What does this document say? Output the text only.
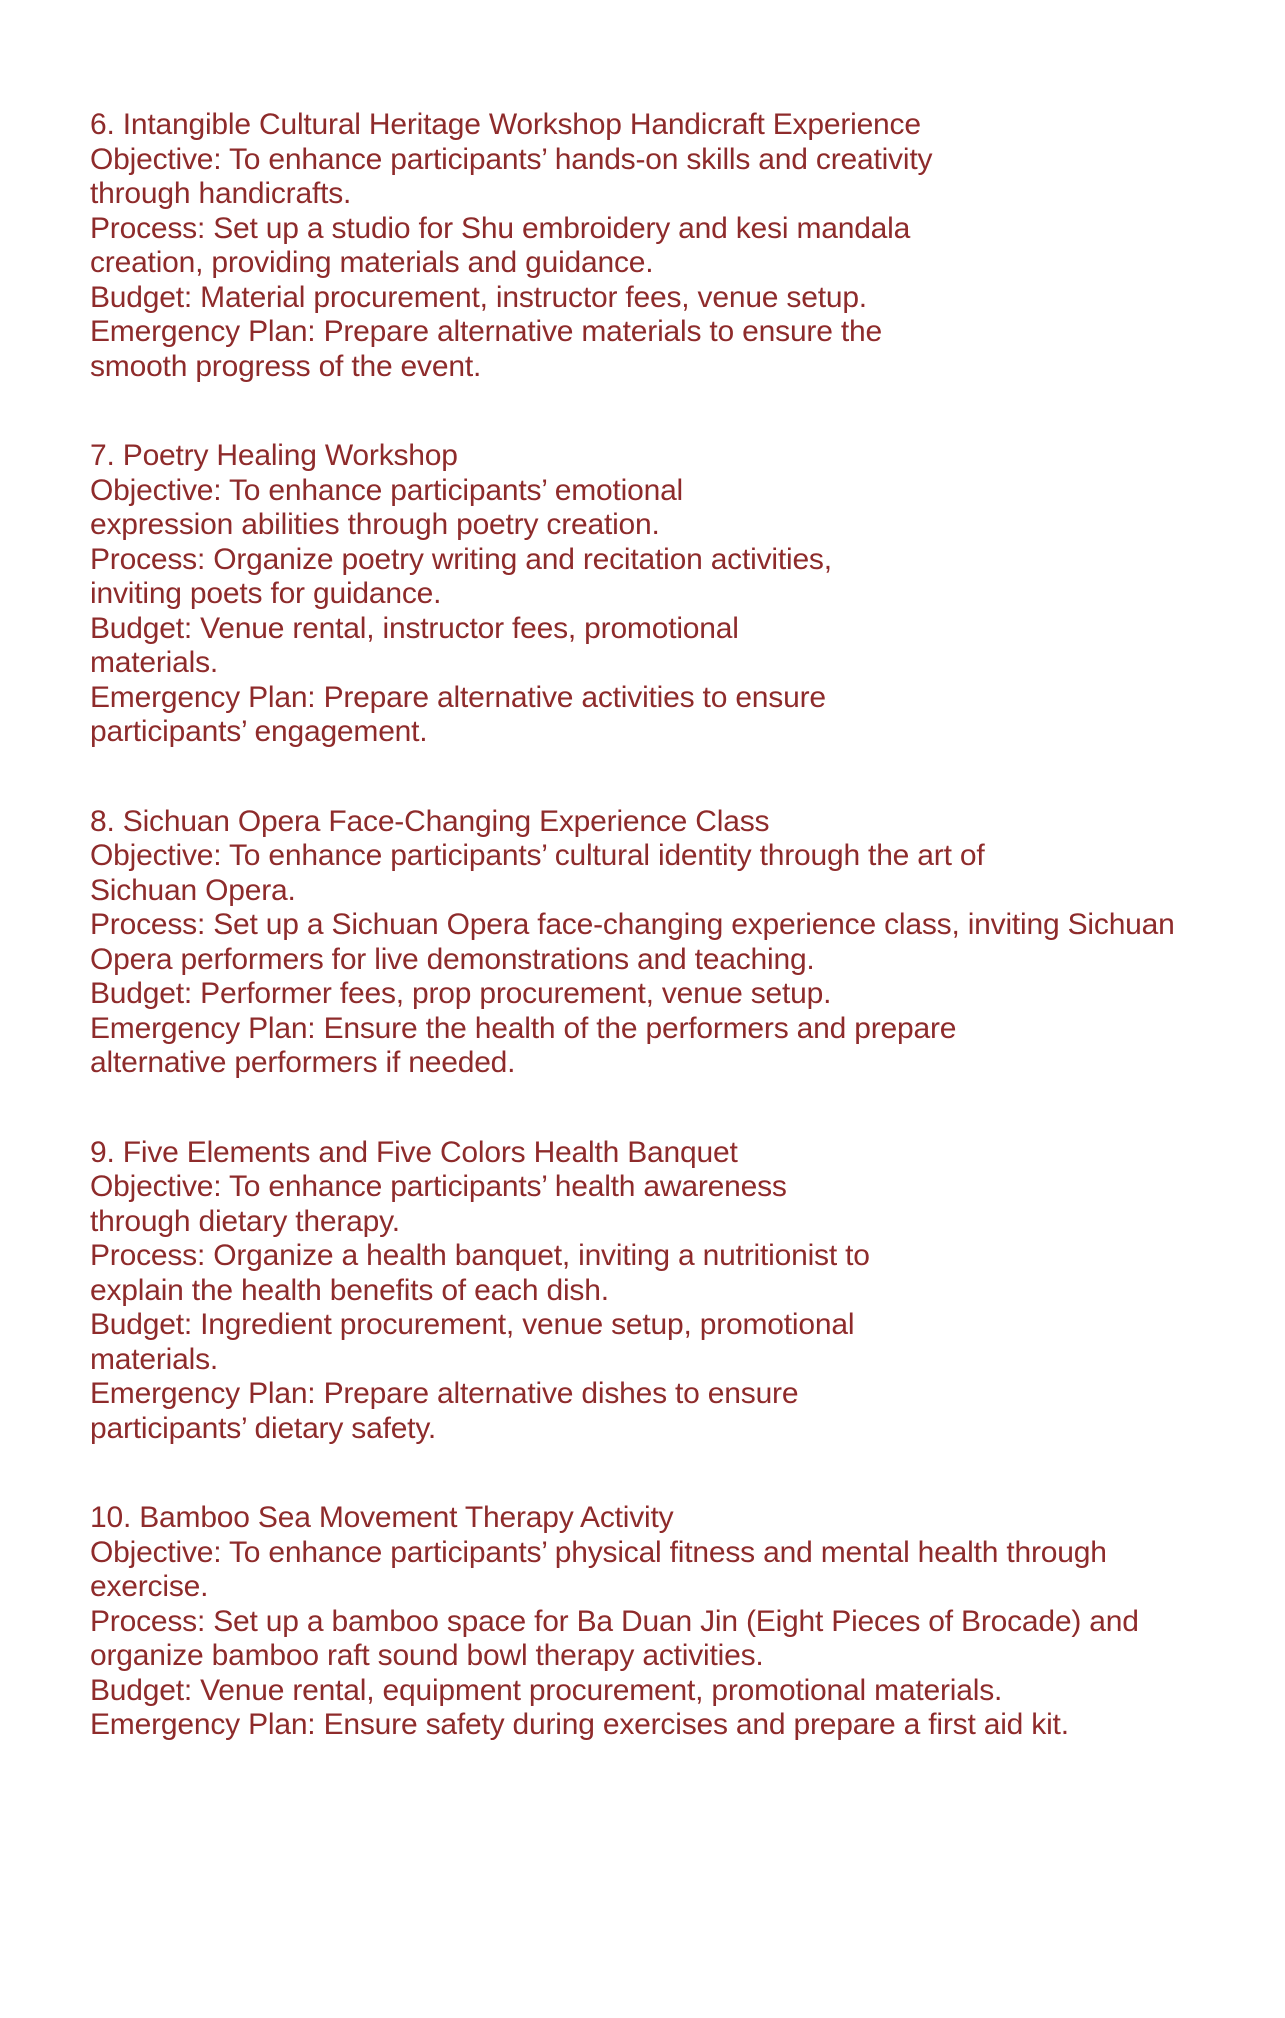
6. Intangible Cultural Heritage Workshop Handicraft Experience

Objective: To enhance participants’ hands-on skills and creativity through handicrafts.

Process: Set up a studio for Shu embroidery and kesi mandala creation, providing materials and guidance.

Budget: Material procurement, instructor fees, venue setup.

Emergency Plan: Prepare alternative materials to ensure the smooth progress of the event.

7. Poetry Healing Workshop

Objective: To enhance participants’ emotional expression abilities through poetry creation.

Process: Organize poetry writing and recitation activities, inviting poets for guidance.

Budget: Venue rental, instructor fees, promotional materials.

Emergency Plan: Prepare alternative activities to ensure participants’ engagement.

8. Sichuan Opera Face-Changing Experience Class

Objective: To enhance participants’ cultural identity through the art of Sichuan Opera.

Process: Set up a Sichuan Opera face-changing experience class, inviting Sichuan Opera performers for live demonstrations and teaching.

Budget: Performer fees, prop procurement, venue setup.

Emergency Plan: Ensure the health of the performers and prepare alternative performers if needed.

9. Five Elements and Five Colors Health Banquet

Objective: To enhance participants’ health awareness through dietary therapy.

Process: Organize a health banquet, inviting a nutritionist to explain the health benefits of each dish.

Budget: Ingredient procurement, venue setup, promotional materials.

Emergency Plan: Prepare alternative dishes to ensure participants’ dietary safety.

10. Bamboo Sea Movement Therapy Activity

Objective: To enhance participants’ physical fitness and mental health through exercise.

Process: Set up a bamboo space for Ba Duan Jin (Eight Pieces of Brocade) and organize bamboo raft sound bowl therapy activities.

Budget: Venue rental, equipment procurement, promotional materials.

Emergency Plan: Ensure safety during exercises and prepare a first aid kit.
